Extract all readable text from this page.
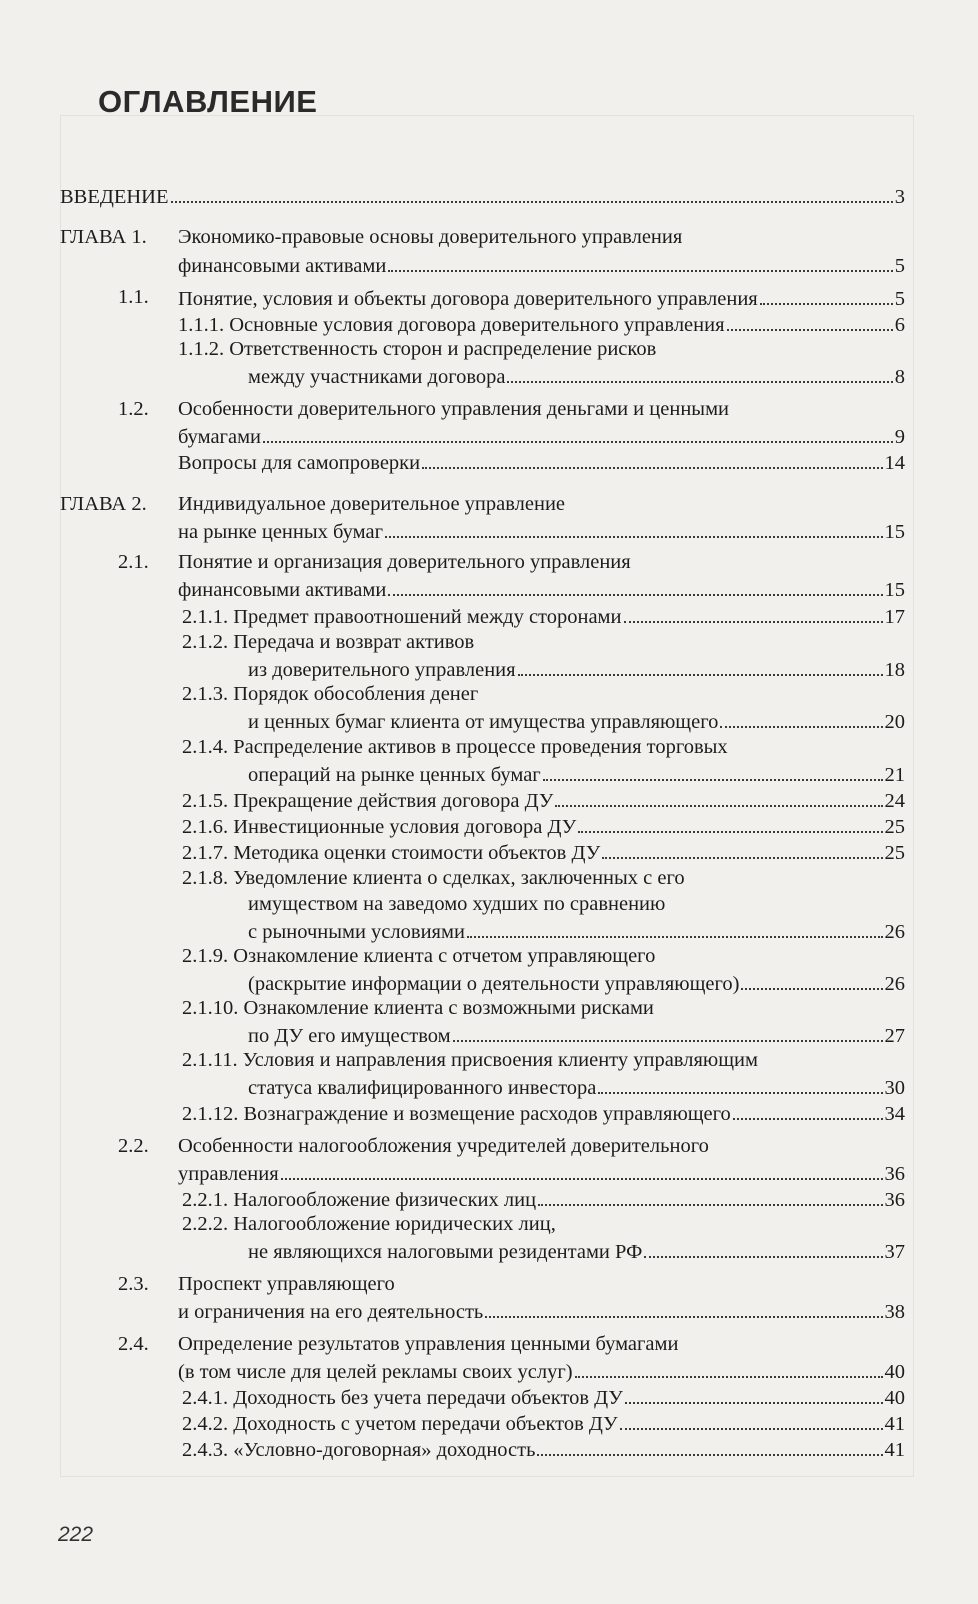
ОГЛАВЛЕНИЕ
ВВЕДЕНИЕ	3
ГЛАВА 1. Экономико-правовые основы доверительного управления
финансовыми активами	5
1.1. Понятие, условия и объекты договора доверительного управления	5
1.1.1. Основные условия договора доверительного управления	6
1.1.2. Ответственность сторон и распределение рисков
между участниками договора	8
1.2. Особенности доверительного управления деньгами и ценными
бумагами	9
Вопросы для самопроверки	14
ГЛАВА 2. Индивидуальное доверительное управление
на рынке ценных бумаг	15
2.1. Понятие и организация доверительного управления
финансовыми активами	15
2.1.1. Предмет правоотношений между сторонами	17
2.1.2. Передача и возврат активов
из доверительного управления	18
2.1.3. Порядок обособления денег
и ценных бумаг клиента от имущества управляющего	20
2.1.4. Распределение активов в процессе проведения торговых
операций на рынке ценных бумаг	21
2.1.5. Прекращение действия договора ДУ	24
2.1.6. Инвестиционные условия договора ДУ	25
2.1.7. Методика оценки стоимости объектов ДУ	25
2.1.8. Уведомление клиента о сделках, заключенных с его
имуществом на заведомо худших по сравнению
с рыночными условиями	26
2.1.9. Ознакомление клиента с отчетом управляющего
(раскрытие информации о деятельности управляющего)	26
2.1.10. Ознакомление клиента с возможными рисками
по ДУ его имуществом	27
2.1.11. Условия и направления присвоения клиенту управляющим
статуса квалифицированного инвестора	30
2.1.12. Вознаграждение и возмещение расходов управляющего	34
2.2. Особенности налогообложения учредителей доверительного
управления	36
2.2.1. Налогообложение физических лиц	36
2.2.2. Налогообложение юридических лиц,
не являющихся налоговыми резидентами РФ	37
2.3. Проспект управляющего
и ограничения на его деятельность	38
2.4. Определение результатов управления ценными бумагами
(в том числе для целей рекламы своих услуг)	40
2.4.1. Доходность без учета передачи объектов ДУ	40
2.4.2. Доходность с учетом передачи объектов ДУ	41
2.4.3. «Условно-договорная» доходность	41
222
